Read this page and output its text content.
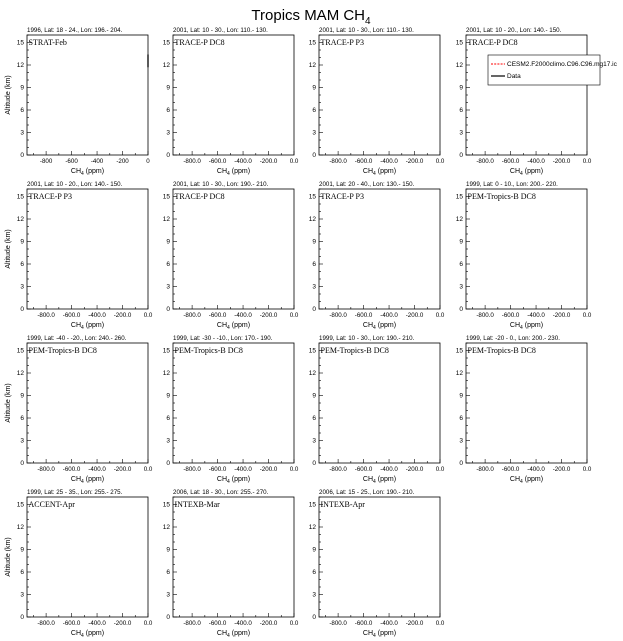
Tropics MAM $CH_4$
1996, Lat: 18 - 24., Lon: 196.- 204.
STRAT-Feb
0
3
6
9
12
15
-800 -600 -400 -200	0
$CH_4$ (ppm)
Altitude (km)
2001, Lat: 10 - 30., Lon: 110.- 130.
TRACE-P DC8
0
3
6
9
12
15
-800.0 -600.0 -400.0 -200.0 0.0
$CH_4$ (ppm)
2001, Lat: 10 - 30., Lon: 110.- 130.
TRACE-P P3
0
3
6
9
12
15
-800.0 -600.0 -400.0 -200.0 0.0
$CH_4$ (ppm)
2001, Lat: 10 - 20., Lon: 140.- 150.
TRACE-P DC8
0
3
6
9
12
15
-800.0 -600.0 -400.0 -200.0 0.0
$CH_4$ (ppm)
CESM2.F2000climo.C96.C96.mg17.ic
Data
2001, Lat: 10 - 20., Lon: 140.- 150.
TRACE-P P3
0
3
6
9
12
15
-800.0 -600.0 -400.0 -200.0 0.0
$CH_4$ (ppm)
Altitude (km)
2001, Lat: 10 - 30., Lon: 190.- 210.
TRACE-P DC8
0
3
6
9
12
15
-800.0 -600.0 -400.0 -200.0 0.0
$CH_4$ (ppm)
2001, Lat: 20 - 40., Lon: 130.- 150.
TRACE-P P3
0
3
6
9
12
15
-800.0 -600.0 -400.0 -200.0 0.0
$CH_4$ (ppm)
1999, Lat: 0 - 10., Lon: 200.- 220.
PEM-Tropics-B DC8
0
3
6
9
12
15
-800.0 -600.0 -400.0 -200.0 0.0
$CH_4$ (ppm)
1999, Lat: -40 - -20., Lon: 240.- 260.
PEM-Tropics-B DC8
0
3
6
9
12
15
-800.0 -600.0 -400.0 -200.0 0.0
$CH_4$ (ppm)
Altitude (km)
1999, Lat: -30 - -10., Lon: 170.- 190.
PEM-Tropics-B DC8
0
3
6
9
12
15
-800.0 -600.0 -400.0 -200.0 0.0
$CH_4$ (ppm)
1999, Lat: 10 - 30., Lon: 190.- 210.
PEM-Tropics-B DC8
0
3
6
9
12
15
-800.0 -600.0 -400.0 -200.0 0.0
$CH_4$ (ppm)
1999, Lat: -20 - 0., Lon: 200.- 230.
PEM-Tropics-B DC8
0
3
6
9
12
15
-800.0 -600.0 -400.0 -200.0 0.0
$CH_4$ (ppm)
1999, Lat: 25 - 35., Lon: 255.- 275.
ACCENT-Apr
0
3
6
9
12
15
-800.0 -600.0 -400.0 -200.0 0.0
$CH_4$ (ppm)
Altitude (km)
2006, Lat: 18 - 30., Lon: 255.- 270.
INTEXB-Mar
0
3
6
9
12
15
-800.0 -600.0 -400.0 -200.0 0.0
$CH_4$ (ppm)
2006, Lat: 15 - 25., Lon: 190.- 210.
INTEXB-Apr
0
3
6
9
12
15
-800.0 -600.0 -400.0 -200.0 0.0
$CH_4$ (ppm)
